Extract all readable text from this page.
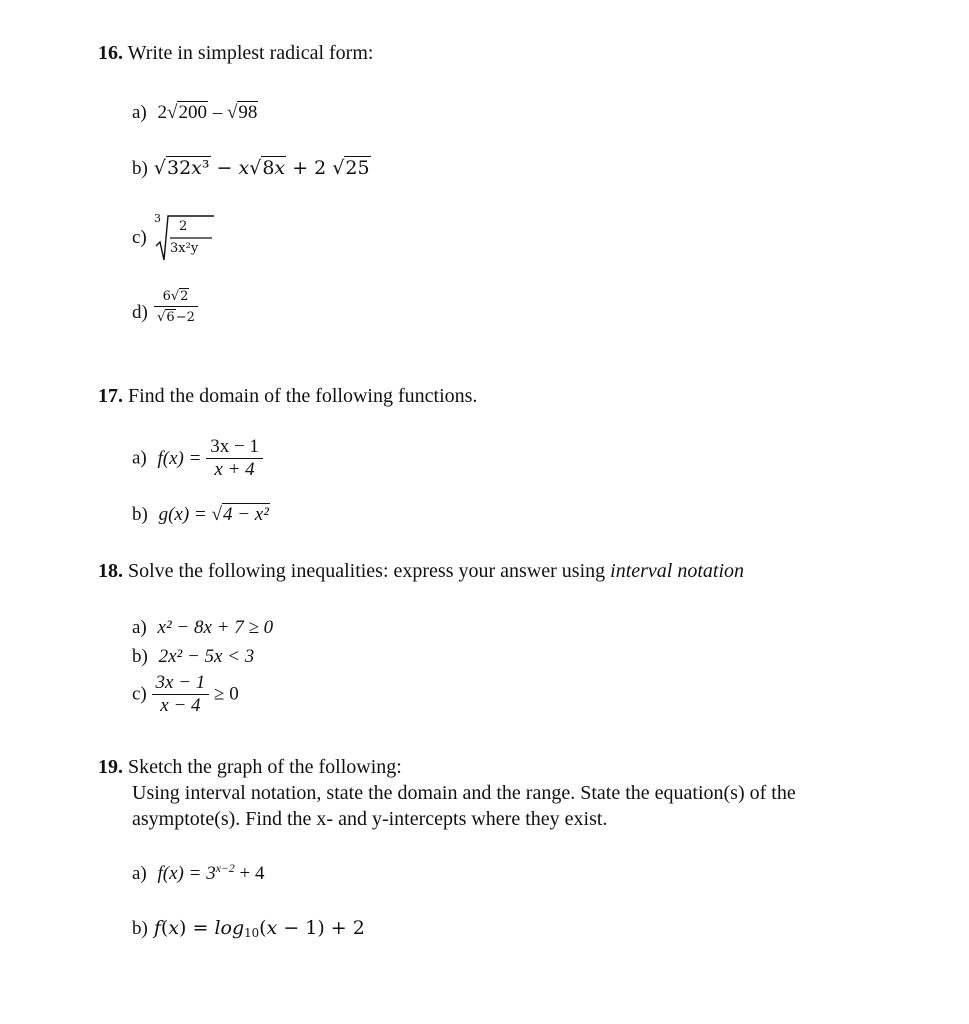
16. Write in simplest radical form:
a) 2√200 – √98
b) √32𝑥³ − 𝑥√8𝑥 + 2 √25
c)
3
2
3x²y
d)
6√2
√6−2
17. Find the domain of the following functions.
a) $f(x) = \frac{3x - 1}{x + 4}$
b) g(x) = √4 − x²
18. Solve the following inequalities: express your answer using interval notation
a) x² − 8x + 7 ≥ 0
b) 2x² − 5x < 3
$c) \frac{3x - 1}{x - 4} \ge 0$
19. Sketch the graph of the following:
Using interval notation, state the domain and the range. State the equation(s) of the
asymptote(s). Find the x- and y-intercepts where they exist.
a) $f(x) = 3^{x-2} + 4$
b) 𝑓(𝑥) = 𝑙𝑜𝑔$_{10}$(𝑥 − 1) + 2
